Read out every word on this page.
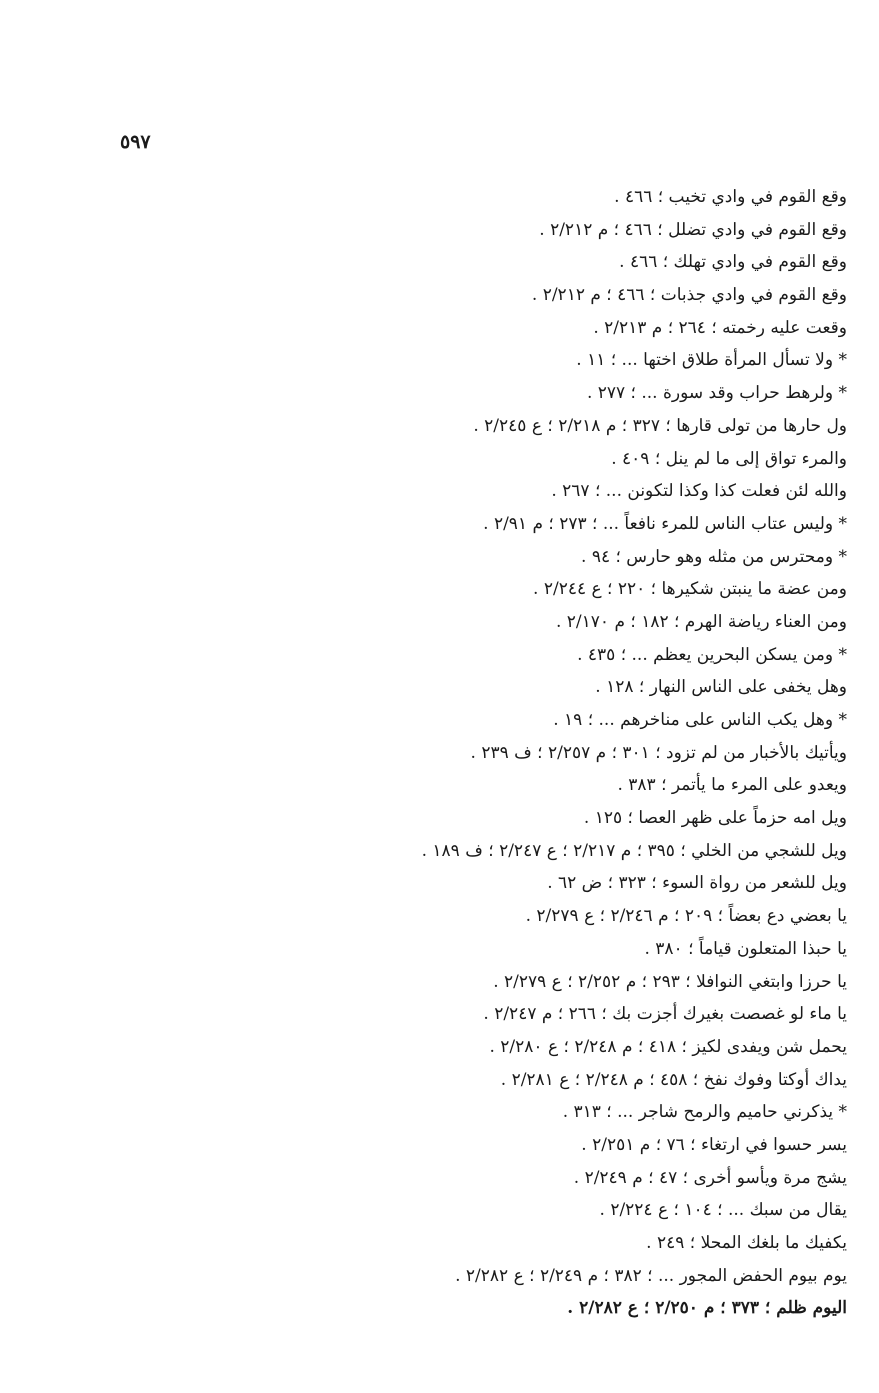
٥٩٧
وقع القوم في وادي تخيب ؛ ٤٦٦ .
وقع القوم في وادي تضلل ؛ ٤٦٦ ؛ م ٢/٢١٢ .
وقع القوم في وادي تهلك ؛ ٤٦٦ .
وقع القوم في وادي جذبات ؛ ٤٦٦ ؛ م ٢/٢١٢ .
وقعت عليه رخمته ؛ ٢٦٤ ؛ م ٢/٢١٣ .
* ولا تسأل المرأة طلاق اختها ... ؛ ١١ .
* ولرهط حراب وقد سورة ... ؛ ٢٧٧ .
ول حارها من تولى قارها ؛ ٣٢٧ ؛ م ٢/٢١٨ ؛ ع ٢/٢٤٥ .
والمرء تواق إلى ما لم ينل ؛ ٤٠٩ .
والله لئن فعلت كذا وكذا لتكونن ... ؛ ٢٦٧ .
* وليس عتاب الناس للمرء نافعاً ... ؛ ٢٧٣ ؛ م ٢/٩١ .
* ومحترس من مثله وهو حارس ؛ ٩٤ .
ومن عضة ما ينبتن شكيرها ؛ ٢٢٠ ؛ ع ٢/٢٤٤ .
ومن العناء رياضة الهرم ؛ ١٨٢ ؛ م ٢/١٧٠ .
* ومن يسكن البحرين يعظم ... ؛ ٤٣٥ .
وهل يخفى على الناس النهار ؛ ١٢٨ .
* وهل يكب الناس على مناخرهم ... ؛ ١٩ .
ويأتيك بالأخبار من لم تزود ؛ ٣٠١ ؛ م ٢/٢٥٧ ؛ ف ٢٣٩ .
ويعدو على المرء ما يأتمر ؛ ٣٨٣ .
ويل امه حزماً على ظهر العصا ؛ ١٢٥ .
ويل للشجي من الخلي ؛ ٣٩٥ ؛ م ٢/٢١٧ ؛ ع ٢/٢٤٧ ؛ ف ١٨٩ .
ويل للشعر من رواة السوء ؛ ٣٢٣ ؛ ض ٦٢ .
يا بعضي دع بعضاً ؛ ٢٠٩ ؛ م ٢/٢٤٦ ؛ ع ٢/٢٧٩ .
يا حبذا المتعلون قياماً ؛ ٣٨٠ .
يا حرزا وابتغي النوافلا ؛ ٢٩٣ ؛ م ٢/٢٥٢ ؛ ع ٢/٢٧٩ .
يا ماء لو غصصت بغيرك أجزت بك ؛ ٢٦٦ ؛ م ٢/٢٤٧ .
يحمل شن ويفدى لكيز ؛ ٤١٨ ؛ م ٢/٢٤٨ ؛ ع ٢/٢٨٠ .
يداك أوكتا وفوك نفخ ؛ ٤٥٨ ؛ م ٢/٢٤٨ ؛ ع ٢/٢٨١ .
* يذكرني حاميم والرمح شاجر ... ؛ ٣١٣ .
يسر حسوا في ارتغاء ؛ ٧٦ ؛ م ٢/٢٥١ .
يشج مرة ويأسو أخرى ؛ ٤٧ ؛ م ٢/٢٤٩ .
يقال من سبك ... ؛ ١٠٤ ؛ ع ٢/٢٢٤ .
يكفيك ما بلغك المحلا ؛ ٢٤٩ .
يوم بيوم الحفض المجور ... ؛ ٣٨٢ ؛ م ٢/٢٤٩ ؛ ع ٢/٢٨٢ .
اليوم ظلم ؛ ٣٧٣ ؛ م ٢/٢٥٠ ؛ ع ٢/٢٨٢ .
